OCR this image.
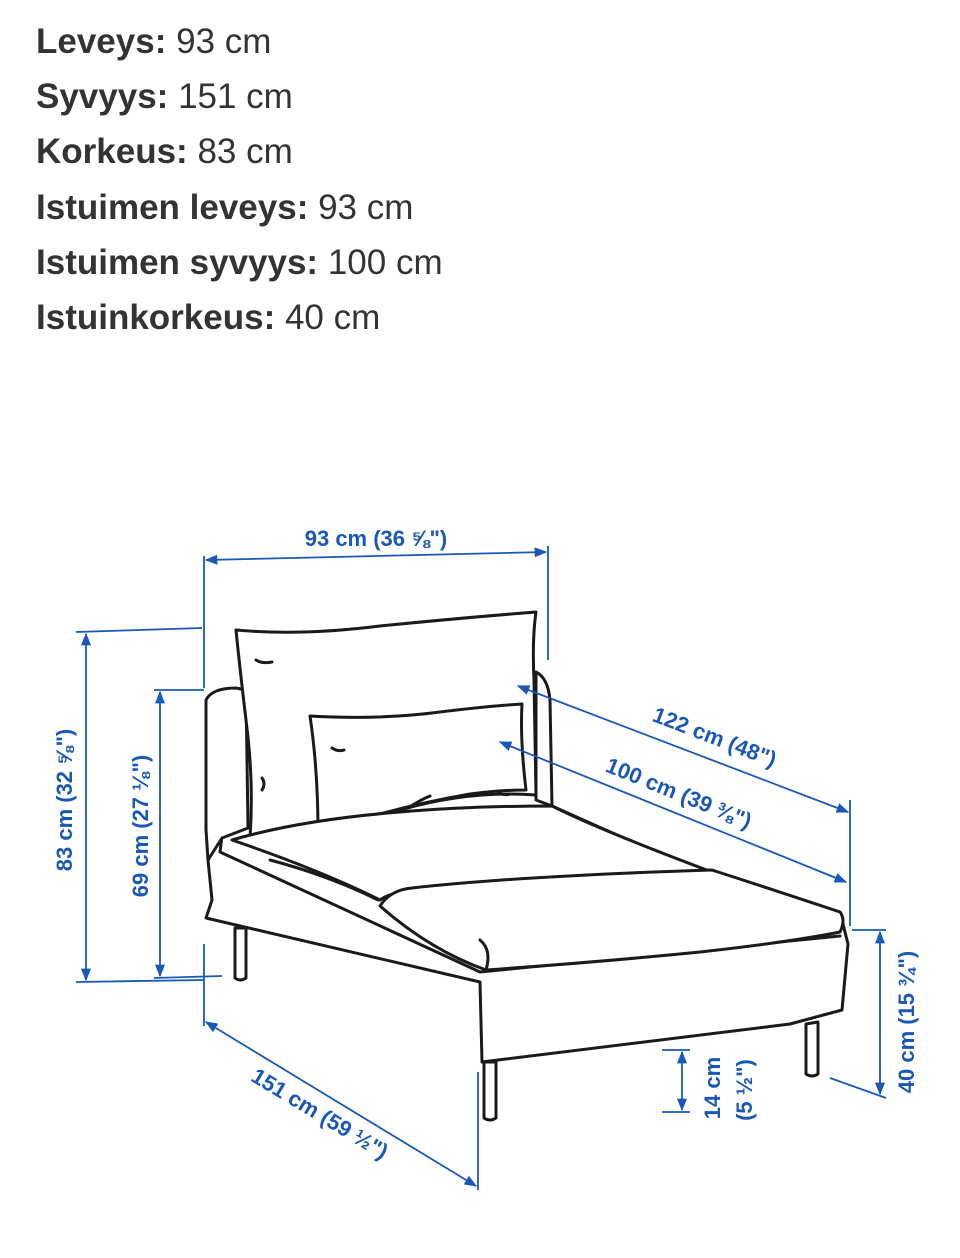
Leveys: 93 cm
Syvyys: 151 cm
Korkeus: 83 cm
Istuimen leveys: 93 cm
Istuimen syvyys: 100 cm
Istuinkorkeus: 40 cm
93 cm (36 ⅝")
83 cm (32 ⅝") 69 cm (27 ⅛")
151 cm (59 ½")
122 cm (48")
100 cm (39 ⅜")
40 cm (15 ¾")
14 cm (5 ½")
